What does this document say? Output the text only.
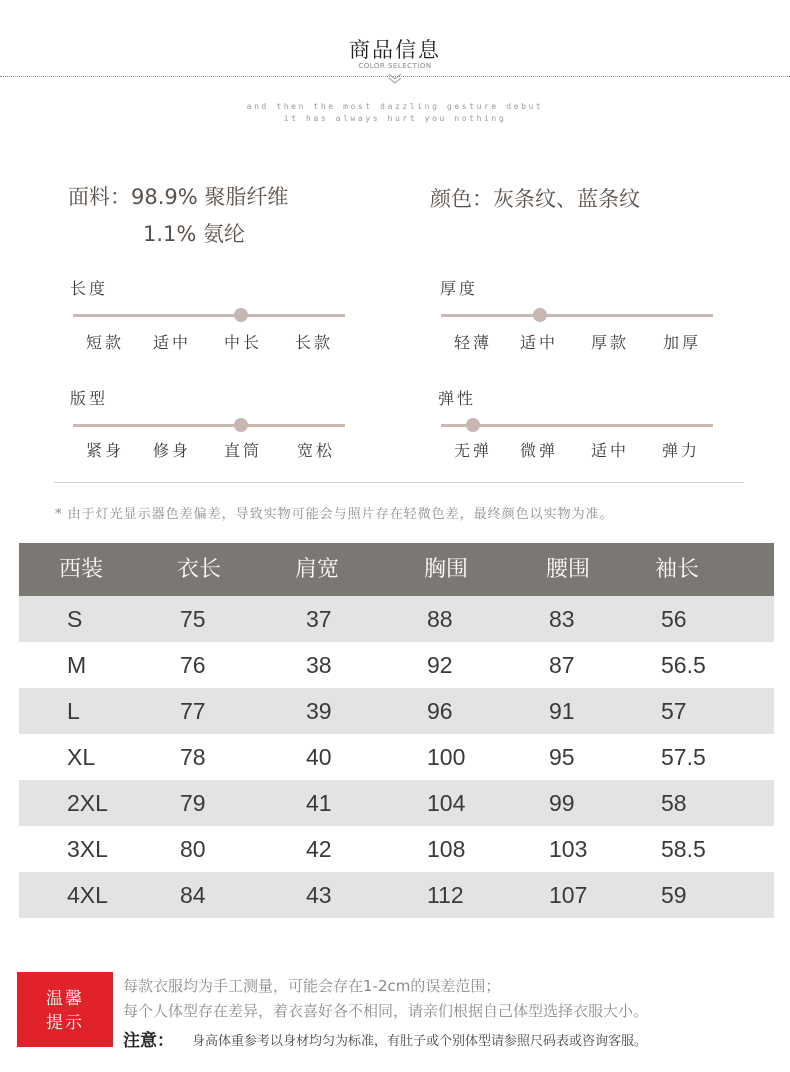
商品信息
COLOR SELECTION
and then the most dazzling gesture debut
it has always hurt you nothing
面料：98.9% 聚脂纤维
1.1% 氨纶
颜色：灰条纹、蓝条纹
长度
短款 适中 中长 长款
厚度
轻薄 适中 厚款 加厚
版型
紧身 修身 直筒 宽松
弹性
无弹 微弹 适中 弹力
* 由于灯光显示器色差偏差，导致实物可能会与照片存在轻微色差，最终颜色以实物为准。
西装	衣长	肩宽	胸围	腰围	袖长
S	75	37	88	83	56
M	76	38	92	87	56.5
L	77	39	96	91	57
XL	78	40	100	95	57.5
2XL	79	41	104	99	58
3XL	80	42	108	103	58.5
4XL	84	43	112	107	59
温馨
提示
每款衣服均为手工测量，可能会存在1-2cm的误差范围；
每个人体型存在差异，着衣喜好各不相同，请亲们根据自己体型选择衣服大小。
注意： 身高体重参考以身材均匀为标准，有肚子或个别体型请参照尺码表或咨询客服。
